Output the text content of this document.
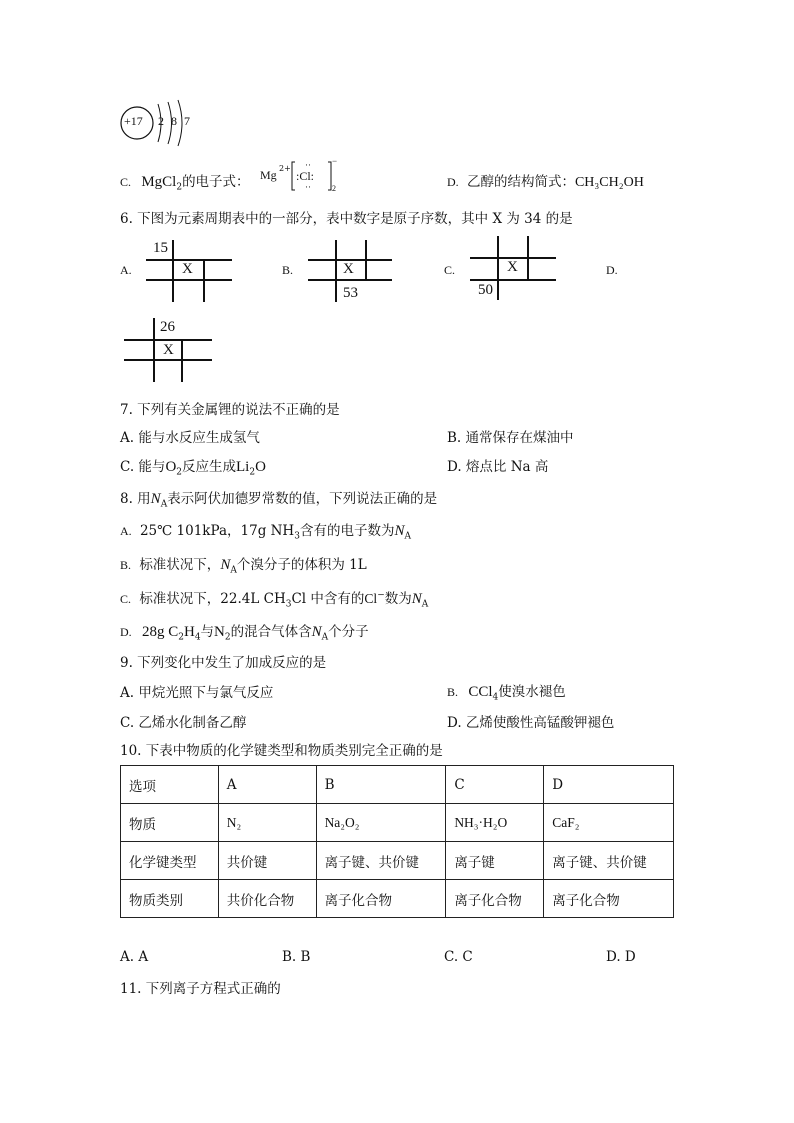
+17 2 8 7
C. MgCl$_2$的电子式： Mg 2+
:Cl:
··
··
−
2	D. 乙醇的结构简式：CH₃CH₂OH
6. 下图为元素周期表中的一部分，表中数字是原子序数，其中 X 为 34 的是
A.
15
X	B.	X
53
C.	X
50
D.
26
X
7. 下列有关金属锂的说法不正确的是
A. 能与水反应生成氢气	B. 通常保存在煤油中
C. 能与$O_2$反应生成$Li_2O$	D. 熔点比 Na 高
8. 用$N_A$表示阿伏加德罗常数的值，下列说法正确的是
A. 25℃ 101kPa，17g $NH_3$含有的电子数为$N_A$
B. 标准状况下，$N_A$个溴分子的体积为 1L
C. 标准状况下，22.4L $CH_3Cl$ 中含有的Cl−数为$N_A$
D. 28g $C_2H_4$与$N_2$的混合气体含$N_A$个分子
9. 下列变化中发生了加成反应的是
A. 甲烷光照下与氯气反应	B. CCl$_4$使溴水褪色
C. 乙烯水化制备乙醇	D. 乙烯使酸性高锰酸钾褪色
10. 下表中物质的化学键类型和物质类别完全正确的是
选项	A	B	C	D
物质	N₂	Na₂O₂	NH₃·H₂O	CaF₂
化学键类型	共价键	离子键、共价键	离子键	离子键、共价键
物质类别	共价化合物	离子化合物	离子化合物	离子化合物
A. A	B. B	C. C	D. D
11. 下列离子方程式正确的
